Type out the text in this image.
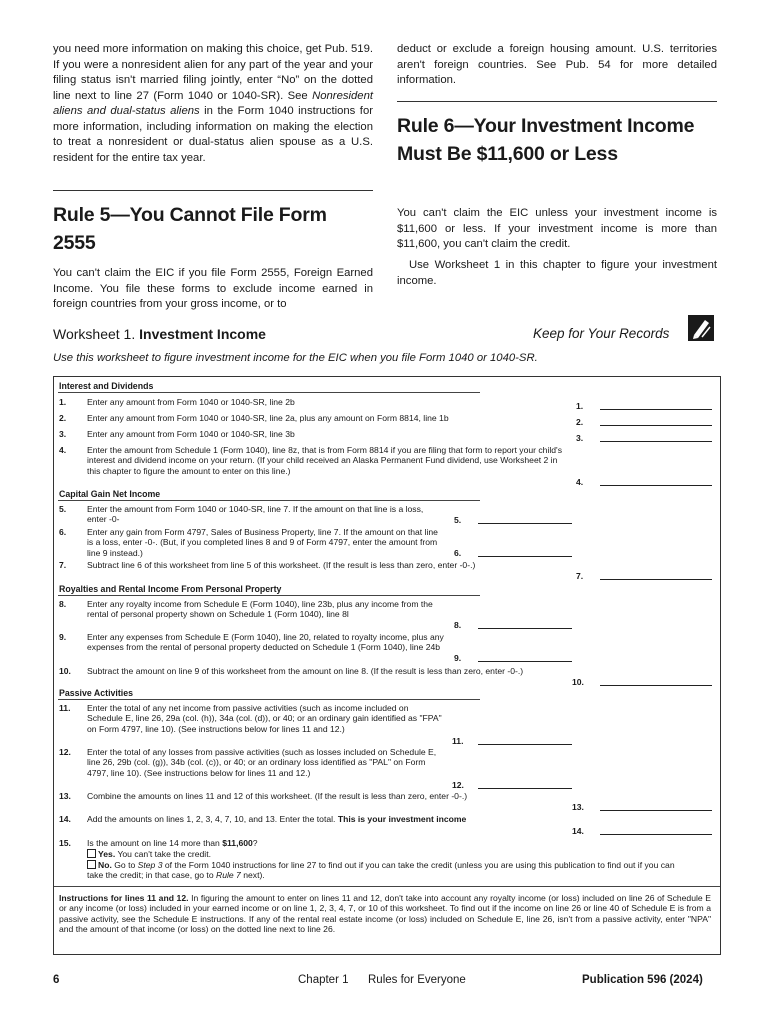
you need more information on making this choice, get Pub. 519. If you were a nonresident alien for any part of the year and your filing status isn't married filing jointly, enter “No” on the dotted line next to line 27 (Form 1040 or 1040-SR). See Nonresident aliens and dual-status aliens in the Form 1040 instructions for more information, including information on making the election to treat a nonresident or dual-status alien spouse as a U.S. resident for the entire tax year.
Rule 5—You Cannot File Form 2555
You can't claim the EIC if you file Form 2555, Foreign Earned Income. You file these forms to exclude income earned in foreign countries from your gross income, or to
deduct or exclude a foreign housing amount. U.S. territories aren't foreign countries. See Pub. 54 for more detailed information.
Rule 6—Your Investment Income Must Be $11,600 or Less
You can't claim the EIC unless your investment income is $11,600 or less. If your investment income is more than $11,600, you can't claim the credit.
Use Worksheet 1 in this chapter to figure your investment income.
Worksheet 1. Investment Income	Keep for Your Records
Use this worksheet to figure investment income for the EIC when you file Form 1040 or 1040-SR.
Interest and Dividends
1. Enter any amount from Form 1040 or 1040-SR, line 2b	1.
2. Enter any amount from Form 1040 or 1040-SR, line 2a, plus any amount on Form 8814, line 1b	2.
3. Enter any amount from Form 1040 or 1040-SR, line 3b	3.
4. Enter the amount from Schedule 1 (Form 1040), line 8z, that is from Form 8814 if you are filing that form to report your child's interest and dividend income on your return. (If your child received an Alaska Permanent Fund dividend, use Worksheet 2 in this chapter to figure the amount to enter on this line.)
4.
Capital Gain Net Income
5. Enter the amount from Form 1040 or 1040-SR, line 7. If the amount on that line is a loss, enter -0-	5.
6. Enter any gain from Form 4797, Sales of Business Property, line 7. If the amount on that line is a loss, enter -0-. (But, if you completed lines 8 and 9 of Form 4797, enter the amount from line 9 instead.)	6.
7. Subtract line 6 of this worksheet from line 5 of this worksheet. (If the result is less than zero, enter -0-.)
7.
Royalties and Rental Income From Personal Property
8. Enter any royalty income from Schedule E (Form 1040), line 23b, plus any income from the rental of personal property shown on Schedule 1 (Form 1040), line 8l
8.
9. Enter any expenses from Schedule E (Form 1040), line 20, related to royalty income, plus any expenses from the rental of personal property deducted on Schedule 1 (Form 1040), line 24b
9.
10. Subtract the amount on line 9 of this worksheet from the amount on line 8. (If the result is less than zero, enter -0-.)
10.
Passive Activities
11. Enter the total of any net income from passive activities (such as income included on Schedule E, line 26, 29a (col. (h)), 34a (col. (d)), or 40; or an ordinary gain identified as "FPA" on Form 4797, line 10). (See instructions below for lines 11 and 12.)
11.
12. Enter the total of any losses from passive activities (such as losses included on Schedule E, line 26, 29b (col. (g)), 34b (col. (c)), or 40; or an ordinary loss identified as "PAL" on Form 4797, line 10). (See instructions below for lines 11 and 12.)
12.
13. Combine the amounts on lines 11 and 12 of this worksheet. (If the result is less than zero, enter -0-.)
13.
14. Add the amounts on lines 1, 2, 3, 4, 7, 10, and 13. Enter the total. This is your investment income
14.
15. Is the amount on line 14 more than $11,600?
Yes. You can't take the credit.
No. Go to Step 3 of the Form 1040 instructions for line 27 to find out if you can take the credit (unless you are using this publication to find out if you can take the credit; in that case, go to Rule 7 next).
Instructions for lines 11 and 12. In figuring the amount to enter on lines 11 and 12, don't take into account any royalty income (or loss) included on line 26 of Schedule E or any income (or loss) included in your earned income or on line 1, 2, 3, 4, 7, or 10 of this worksheet. To find out if the income on line 26 or line 40 of Schedule E is from a passive activity, see the Schedule E instructions. If any of the rental real estate income (or loss) included on Schedule E, line 26, isn't from a passive activity, enter "NPA" and the amount of that income (or loss) on the dotted line next to line 26.
6	Chapter 1 Rules for Everyone	Publication 596 (2024)
